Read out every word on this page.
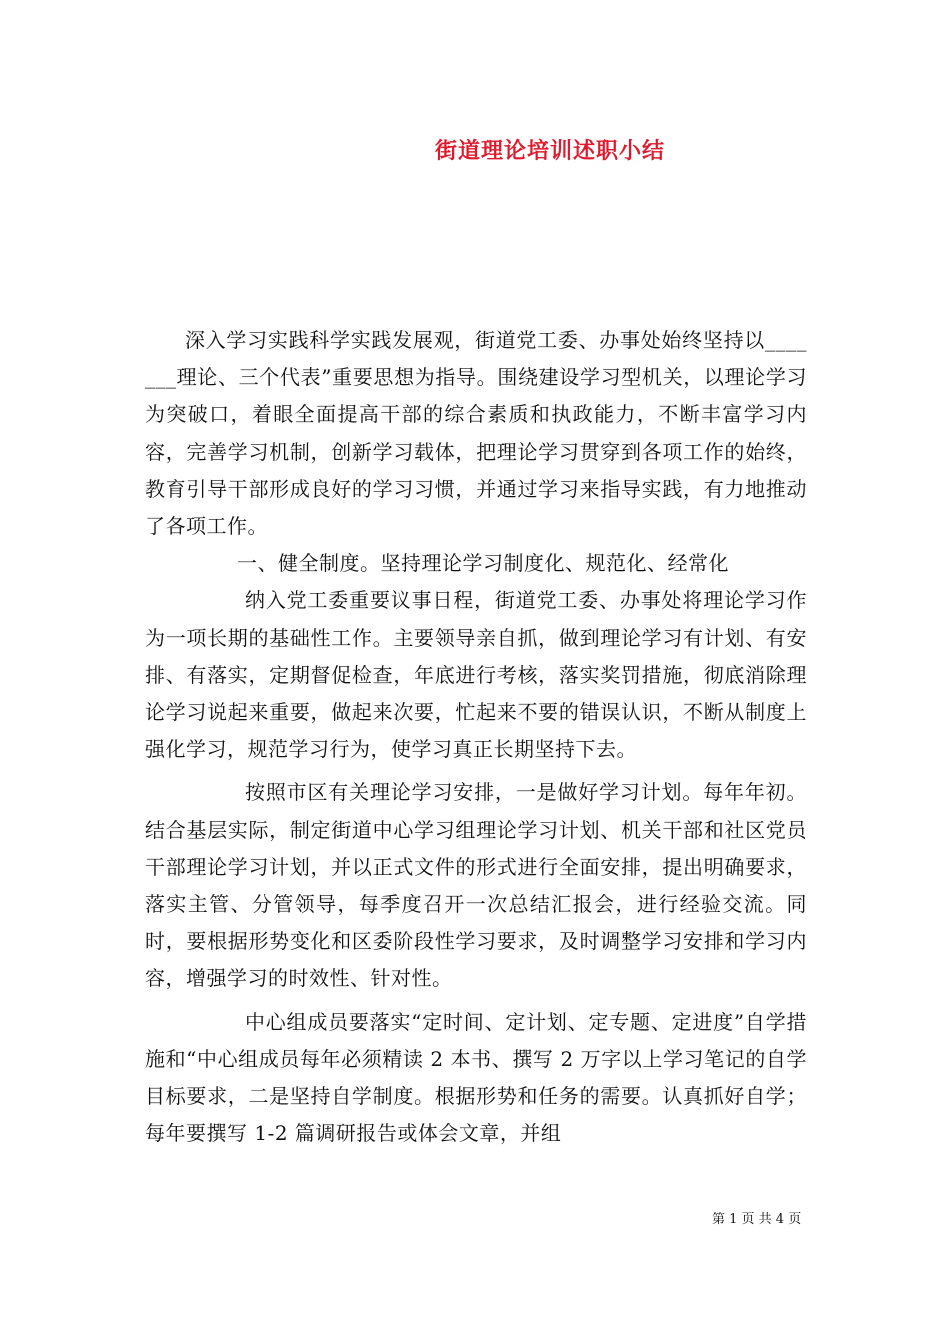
街道理论培训述职小结

深入学习实践科学实践发展观，街道党工委、办事处始终坚持以_______理论、三个代表”重要思想为指导。围绕建设学习型机关，以理论学习为突破口，着眼全面提高干部的综合素质和执政能力，不断丰富学习内容，完善学习机制，创新学习载体，把理论学习贯穿到各项工作的始终，教育引导干部形成良好的学习习惯，并通过学习来指导实践，有力地推动了各项工作。

一、健全制度。坚持理论学习制度化、规范化、经常化

纳入党工委重要议事日程，街道党工委、办事处将理论学习作为一项长期的基础性工作。主要领导亲自抓，做到理论学习有计划、有安排、有落实，定期督促检查，年底进行考核，落实奖罚措施，彻底消除理论学习说起来重要，做起来次要，忙起来不要的错误认识，不断从制度上强化学习，规范学习行为，使学习真正长期坚持下去。

按照市区有关理论学习安排，一是做好学习计划。每年年初。结合基层实际，制定街道中心学习组理论学习计划、机关干部和社区党员干部理论学习计划，并以正式文件的形式进行全面安排，提出明确要求，落实主管、分管领导，每季度召开一次总结汇报会，进行经验交流。同时，要根据形势变化和区委阶段性学习要求，及时调整学习安排和学习内容，增强学习的时效性、针对性。

中心组成员要落实“定时间、定计划、定专题、定进度”自学措施和“中心组成员每年必须精读 2 本书、撰写 2 万字以上学习笔记的自学目标要求，二是坚持自学制度。根据形势和任务的需要。认真抓好自学；每年要撰写 1-2 篇调研报告或体会文章，并组

第 1 页 共 4 页
